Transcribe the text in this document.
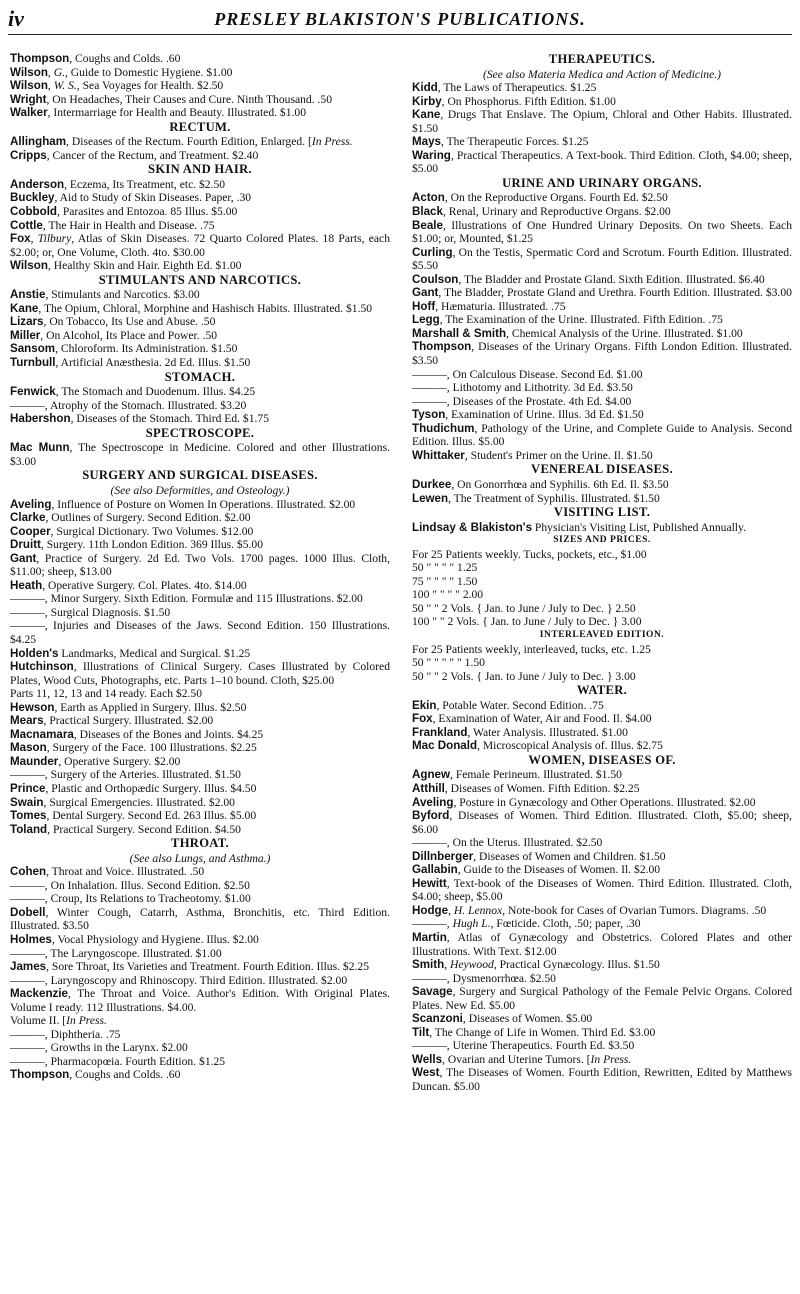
iv	PRESLEY BLAKISTON'S PUBLICATIONS.
Thompson, Coughs and Colds. .60
Wilson, G., Guide to Domestic Hygiene. $1.00
Wilson, W. S., Sea Voyages for Health. $2.50
Wright, On Headaches, Their Causes and Cure. Ninth Thousand. .50
Walker, Intermarriage for Health and Beauty. Illustrated. $1.00
RECTUM.
Allingham, Diseases of the Rectum. Fourth Edition, Enlarged. [In Press.
Cripps, Cancer of the Rectum, and Treatment. $2.40
SKIN AND HAIR.
Anderson, Eczema, Its Treatment, etc. $2.50
Buckley, Aid to Study of Skin Diseases. Paper, .30
Cobbold, Parasites and Entozoa. 85 Illus. $5.00
Cottle, The Hair in Health and Disease. .75
Fox, Tilbury, Atlas of Skin Diseases. 72 Quarto Colored Plates. 18 Parts, each $2.00; or, One Volume, Cloth. 4to. $30.00
Wilson, Healthy Skin and Hair. Eighth Ed. $1.00
STIMULANTS AND NARCOTICS.
Anstie, Stimulants and Narcotics. $3.00
Kane, The Opium, Chloral, Morphine and Hashisch Habits. Illustrated. $1.50
Lizars, On Tobacco, Its Use and Abuse. .50
Miller, On Alcohol, Its Place and Power. .50
Sansom, Chloroform. Its Administration. $1.50
Turnbull, Artificial Anæsthesia. 2d Ed. Illus. $1.50
STOMACH.
Fenwick, The Stomach and Duodenum. Illus. $4.25
———, Atrophy of the Stomach. Illustrated. $3.20
Habershon, Diseases of the Stomach. Third Ed. $1.75
SPECTROSCOPE.
Mac Munn, The Spectroscope in Medicine. Colored and other Illustrations. $3.00
SURGERY AND SURGICAL DISEASES.
(See also Deformities, and Osteology.)
Aveling, Influence of Posture on Women In Operations. Illustrated. $2.00
Clarke, Outlines of Surgery. Second Edition. $2.00
Cooper, Surgical Dictionary. Two Volumes. $12.00
Druitt, Surgery. 11th London Edition. 369 Illus. $5.00
Gant, Practice of Surgery. 2d Ed. Two Vols. 1700 pages. 1000 Illus. Cloth, $11.00; sheep, $13.00
Heath, Operative Surgery. Col. Plates. 4to. $14.00
———, Minor Surgery. Sixth Edition. Formulæ and 115 Illustrations. $2.00
———, Surgical Diagnosis. $1.50
———, Injuries and Diseases of the Jaws. Second Edition. 150 Illustrations. $4.25
Holden's Landmarks, Medical and Surgical. $1.25
Hutchinson, Illustrations of Clinical Surgery. Cases Illustrated by Colored Plates, Wood Cuts, Photographs, etc. Parts 1–10 bound. Cloth, $25.00
Parts 11, 12, 13 and 14 ready. Each $2.50
Hewson, Earth as Applied in Surgery. Illus. $2.50
Mears, Practical Surgery. Illustrated. $2.00
Macnamara, Diseases of the Bones and Joints. $4.25
Mason, Surgery of the Face. 100 Illustrations. $2.25
Maunder, Operative Surgery. $2.00
———, Surgery of the Arteries. Illustrated. $1.50
Prince, Plastic and Orthopædic Surgery. Illus. $4.50
Swain, Surgical Emergencies. Illustrated. $2.00
Tomes, Dental Surgery. Second Ed. 263 Illus. $5.00
Toland, Practical Surgery. Second Edition. $4.50
THROAT.
(See also Lungs, and Asthma.)
Cohen, Throat and Voice. Illustrated. .50
———, On Inhalation. Illus. Second Edition. $2.50
———, Croup, Its Relations to Tracheotomy. $1.00
Dobell, Winter Cough, Catarrh, Asthma, Bronchitis, etc. Third Edition. Illustrated. $3.50
Holmes, Vocal Physiology and Hygiene. Illus. $2.00
———, The Laryngoscope. Illustrated. $1.00
James, Sore Throat, Its Varieties and Treatment. Fourth Edition. Illus. $2.25
———, Laryngoscopy and Rhinoscopy. Third Edition. Illustrated. $2.00
Mackenzie, The Throat and Voice. Author's Edition. With Original Plates. Volume I ready. 112 Illustrations. $4.00.
Volume II. [In Press.
———, Diphtheria. .75
———, Growths in the Larynx. $2.00
———, Pharmacopœia. Fourth Edition. $1.25
Thompson, Coughs and Colds. .60
THERAPEUTICS.
(See also Materia Medica and Action of Medicine.)
Kidd, The Laws of Therapeutics. $1.25
Kirby, On Phosphorus. Fifth Edition. $1.00
Kane, Drugs That Enslave. The Opium, Chloral and Other Habits. Illustrated. $1.50
Mays, The Therapeutic Forces. $1.25
Waring, Practical Therapeutics. A Text-book. Third Edition. Cloth, $4.00; sheep, $5.00
URINE AND URINARY ORGANS.
Acton, On the Reproductive Organs. Fourth Ed. $2.50
Black, Renal, Urinary and Reproductive Organs. $2.00
Beale, Illustrations of One Hundred Urinary Deposits. On two Sheets. Each $1.00; or, Mounted, $1.25
Curling, On the Testis, Spermatic Cord and Scrotum. Fourth Edition. Illustrated. $5.50
Coulson, The Bladder and Prostate Gland. Sixth Edition. Illustrated. $6.40
Gant, The Bladder, Prostate Gland and Urethra. Fourth Edition. Illustrated. $3.00
Hoff, Hæmaturia. Illustrated. .75
Legg, The Examination of the Urine. Illustrated. Fifth Edition. .75
Marshall & Smith, Chemical Analysis of the Urine. Illustrated. $1.00
Thompson, Diseases of the Urinary Organs. Fifth London Edition. Illustrated. $3.50
———, On Calculous Disease. Second Ed. $1.00
———, Lithotomy and Lithotrity. 3d Ed. $3.50
———, Diseases of the Prostate. 4th Ed. $4.00
Tyson, Examination of Urine. Illus. 3d Ed. $1.50
Thudichum, Pathology of the Urine, and Complete Guide to Analysis. Second Edition. Illus. $5.00
Whittaker, Student's Primer on the Urine. Il. $1.50
VENEREAL DISEASES.
Durkee, On Gonorrhœa and Syphilis. 6th Ed. Il. $3.50
Lewen, The Treatment of Syphilis. Illustrated. $1.50
VISITING LIST.
Lindsay & Blakiston's Physician's Visiting List, Published Annually.
SIZES AND PRICES.
For 25 Patients weekly. Tucks, pockets, etc., $1.00
50 " " " " 1.25
75 " " " " 1.50
100 " " " " 2.00
50 " " 2 Vols. { Jan. to June / July to Dec. } 2.50
100 " " 2 Vols. { Jan. to June / July to Dec. } 3.00
INTERLEAVED EDITION.
For 25 Patients weekly, interleaved, tucks, etc. 1.25
50 " " " " " 1.50
50 " " 2 Vols. { Jan. to June / July to Dec. } 3.00
WATER.
Ekin, Potable Water. Second Edition. .75
Fox, Examination of Water, Air and Food. Il. $4.00
Frankland, Water Analysis. Illustrated. $1.00
Mac Donald, Microscopical Analysis of. Illus. $2.75
WOMEN, DISEASES OF.
Agnew, Female Perineum. Illustrated. $1.50
Atthill, Diseases of Women. Fifth Edition. $2.25
Aveling, Posture in Gynæcology and Other Operations. Illustrated. $2.00
Byford, Diseases of Women. Third Edition. Illustrated. Cloth, $5.00; sheep, $6.00
———, On the Uterus. Illustrated. $2.50
Dillnberger, Diseases of Women and Children. $1.50
Gallabin, Guide to the Diseases of Women. Il. $2.00
Hewitt, Text-book of the Diseases of Women. Third Edition. Illustrated. Cloth, $4.00; sheep, $5.00
Hodge, H. Lennox, Note-book for Cases of Ovarian Tumors. Diagrams. .50
———, Hugh L., Fœticide. Cloth, .50; paper, .30
Martin, Atlas of Gynæcology and Obstetrics. Colored Plates and other Illustrations. With Text. $12.00
Smith, Heywood, Practical Gynæcology. Illus. $1.50
———, Dysmenorrhœa. $2.50
Savage, Surgery and Surgical Pathology of the Female Pelvic Organs. Colored Plates. New Ed. $5.00
Scanzoni, Diseases of Women. $5.00
Tilt, The Change of Life in Women. Third Ed. $3.00
———, Uterine Therapeutics. Fourth Ed. $3.50
Wells, Ovarian and Uterine Tumors. [In Press.
West, The Diseases of Women. Fourth Edition, Rewritten, Edited by Matthews Duncan. $5.00
